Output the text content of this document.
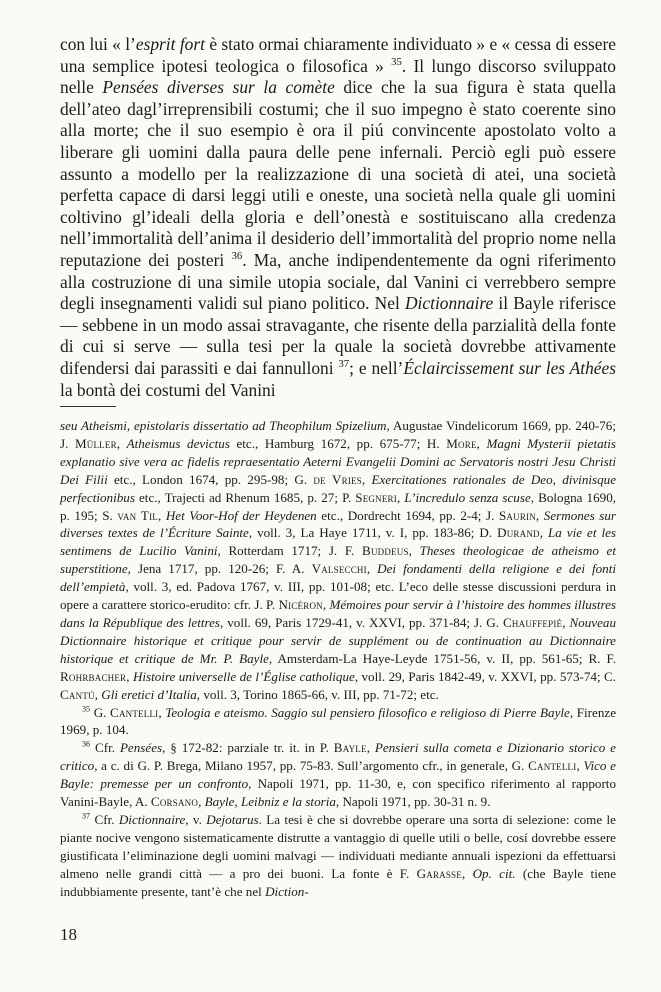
con lui « l’esprit fort è stato ormai chiaramente individuato » e « cessa di essere una semplice ipotesi teologica o filosofica » $^{35}$. Il lungo discorso sviluppato nelle Pensées diverses sur la comète dice che la sua figura è stata quella dell’ateo dagl’irreprensibili costumi; che il suo impegno è stato coerente sino alla morte; che il suo esempio è ora il piú convincente apostolato volto a liberare gli uomini dalla paura delle pene infernali. Perciò egli può essere assunto a modello per la realizzazione di una società di atei, una società perfetta capace di darsi leggi utili e oneste, una società nella quale gli uomini coltivino gl’ideali della gloria e dell’onestà e sostituiscano alla credenza nell’immortalità dell’anima il desiderio dell’immortalità del proprio nome nella reputazione dei posteri $^{36}$. Ma, anche indipendentemente da ogni riferimento alla costruzione di una simile utopia sociale, dal Vanini ci verrebbero sempre degli insegnamenti validi sul piano politico. Nel Dictionnaire il Bayle riferisce — sebbene in un modo assai stravagante, che risente della parzialità della fonte di cui si serve — sulla tesi per la quale la società dovrebbe attivamente difendersi dai parassiti e dai fannulloni $^{37}$; e nell’Éclaircissement sur les Athées la bontà dei costumi del Vanini

seu Atheismi, epistolaris dissertatio ad Theophilum Spizelium, Augustae Vindelicorum 1669, pp. 240-76; J. Müller, Atheismus devictus etc., Hamburg 1672, pp. 675-77; H. More, Magni Mysterii pietatis explanatio sive vera ac fidelis repraesentatio Aeterni Evangelii Domini ac Servatoris nostri Jesu Christi Dei Filii etc., London 1674, pp. 295-98; G. de Vries, Exercitationes rationales de Deo, divinisque perfectionibus etc., Trajecti ad Rhenum 1685, p. 27; P. Segneri, L’incredulo senza scuse, Bologna 1690, p. 195; S. van Til, Het Voor-Hof der Heydenen etc., Dordrecht 1694, pp. 2-4; J. Saurin, Sermones sur diverses textes de l’Écriture Sainte, voll. 3, La Haye 1711, v. I, pp. 183-86; D. Durand, La vie et les sentimens de Lucilio Vanini, Rotterdam 1717; J. F. Buddeus, Theses theologicae de atheismo et superstitione, Jena 1717, pp. 120-26; F. A. Valsecchi, Dei fondamenti della religione e dei fonti dell’empietà, voll. 3, ed. Padova 1767, v. III, pp. 101-08; etc. L’eco delle stesse discussioni perdura in opere a carattere storico-erudito: cfr. J. P. Nicéron, Mémoires pour servir à l’histoire des hommes illustres dans la République des lettres, voll. 69, Paris 1729-41, v. XXVI, pp. 371-84; J. G. Chauffepié, Nouveau Dictionnaire historique et critique pour servir de supplément ou de continuation au Dictionnaire historique et critique de Mr. P. Bayle, Amsterdam-La Haye-Leyde 1751-56, v. II, pp. 561-65; R. F. Rohrbacher, Histoire universelle de l’Église catholique, voll. 29, Paris 1842-49, v. XXVI, pp. 573-74; C. Cantú, Gli eretici d’Italia, voll. 3, Torino 1865-66, v. III, pp. 71-72; etc.

$^{35}$ G. Cantelli, Teologia e ateismo. Saggio sul pensiero filosofico e religioso di Pierre Bayle, Firenze 1969, p. 104.

$^{36}$ Cfr. Pensées, § 172-82: parziale tr. it. in P. Bayle, Pensieri sulla cometa e Dizionario storico e critico, a c. di G. P. Brega, Milano 1957, pp. 75-83. Sull’argomento cfr., in generale, G. Cantelli, Vico e Bayle: premesse per un confronto, Napoli 1971, pp. 11-30, e, con specifico riferimento al rapporto Vanini-Bayle, A. Corsano, Bayle, Leibniz e la storia, Napoli 1971, pp. 30-31 n. 9.

$^{37}$ Cfr. Dictionnaire, v. Dejotarus. La tesi è che si dovrebbe operare una sorta di selezione: come le piante nocive vengono sistematicamente distrutte a vantaggio di quelle utili o belle, cosí dovrebbe essere giustificata l’eliminazione degli uomini malvagi — individuati mediante annuali ispezioni da effettuarsi almeno nelle grandi città — a pro dei buoni. La fonte è F. Garasse, Op. cit. (che Bayle tiene indubbiamente presente, tant’è che nel Diction-

18
